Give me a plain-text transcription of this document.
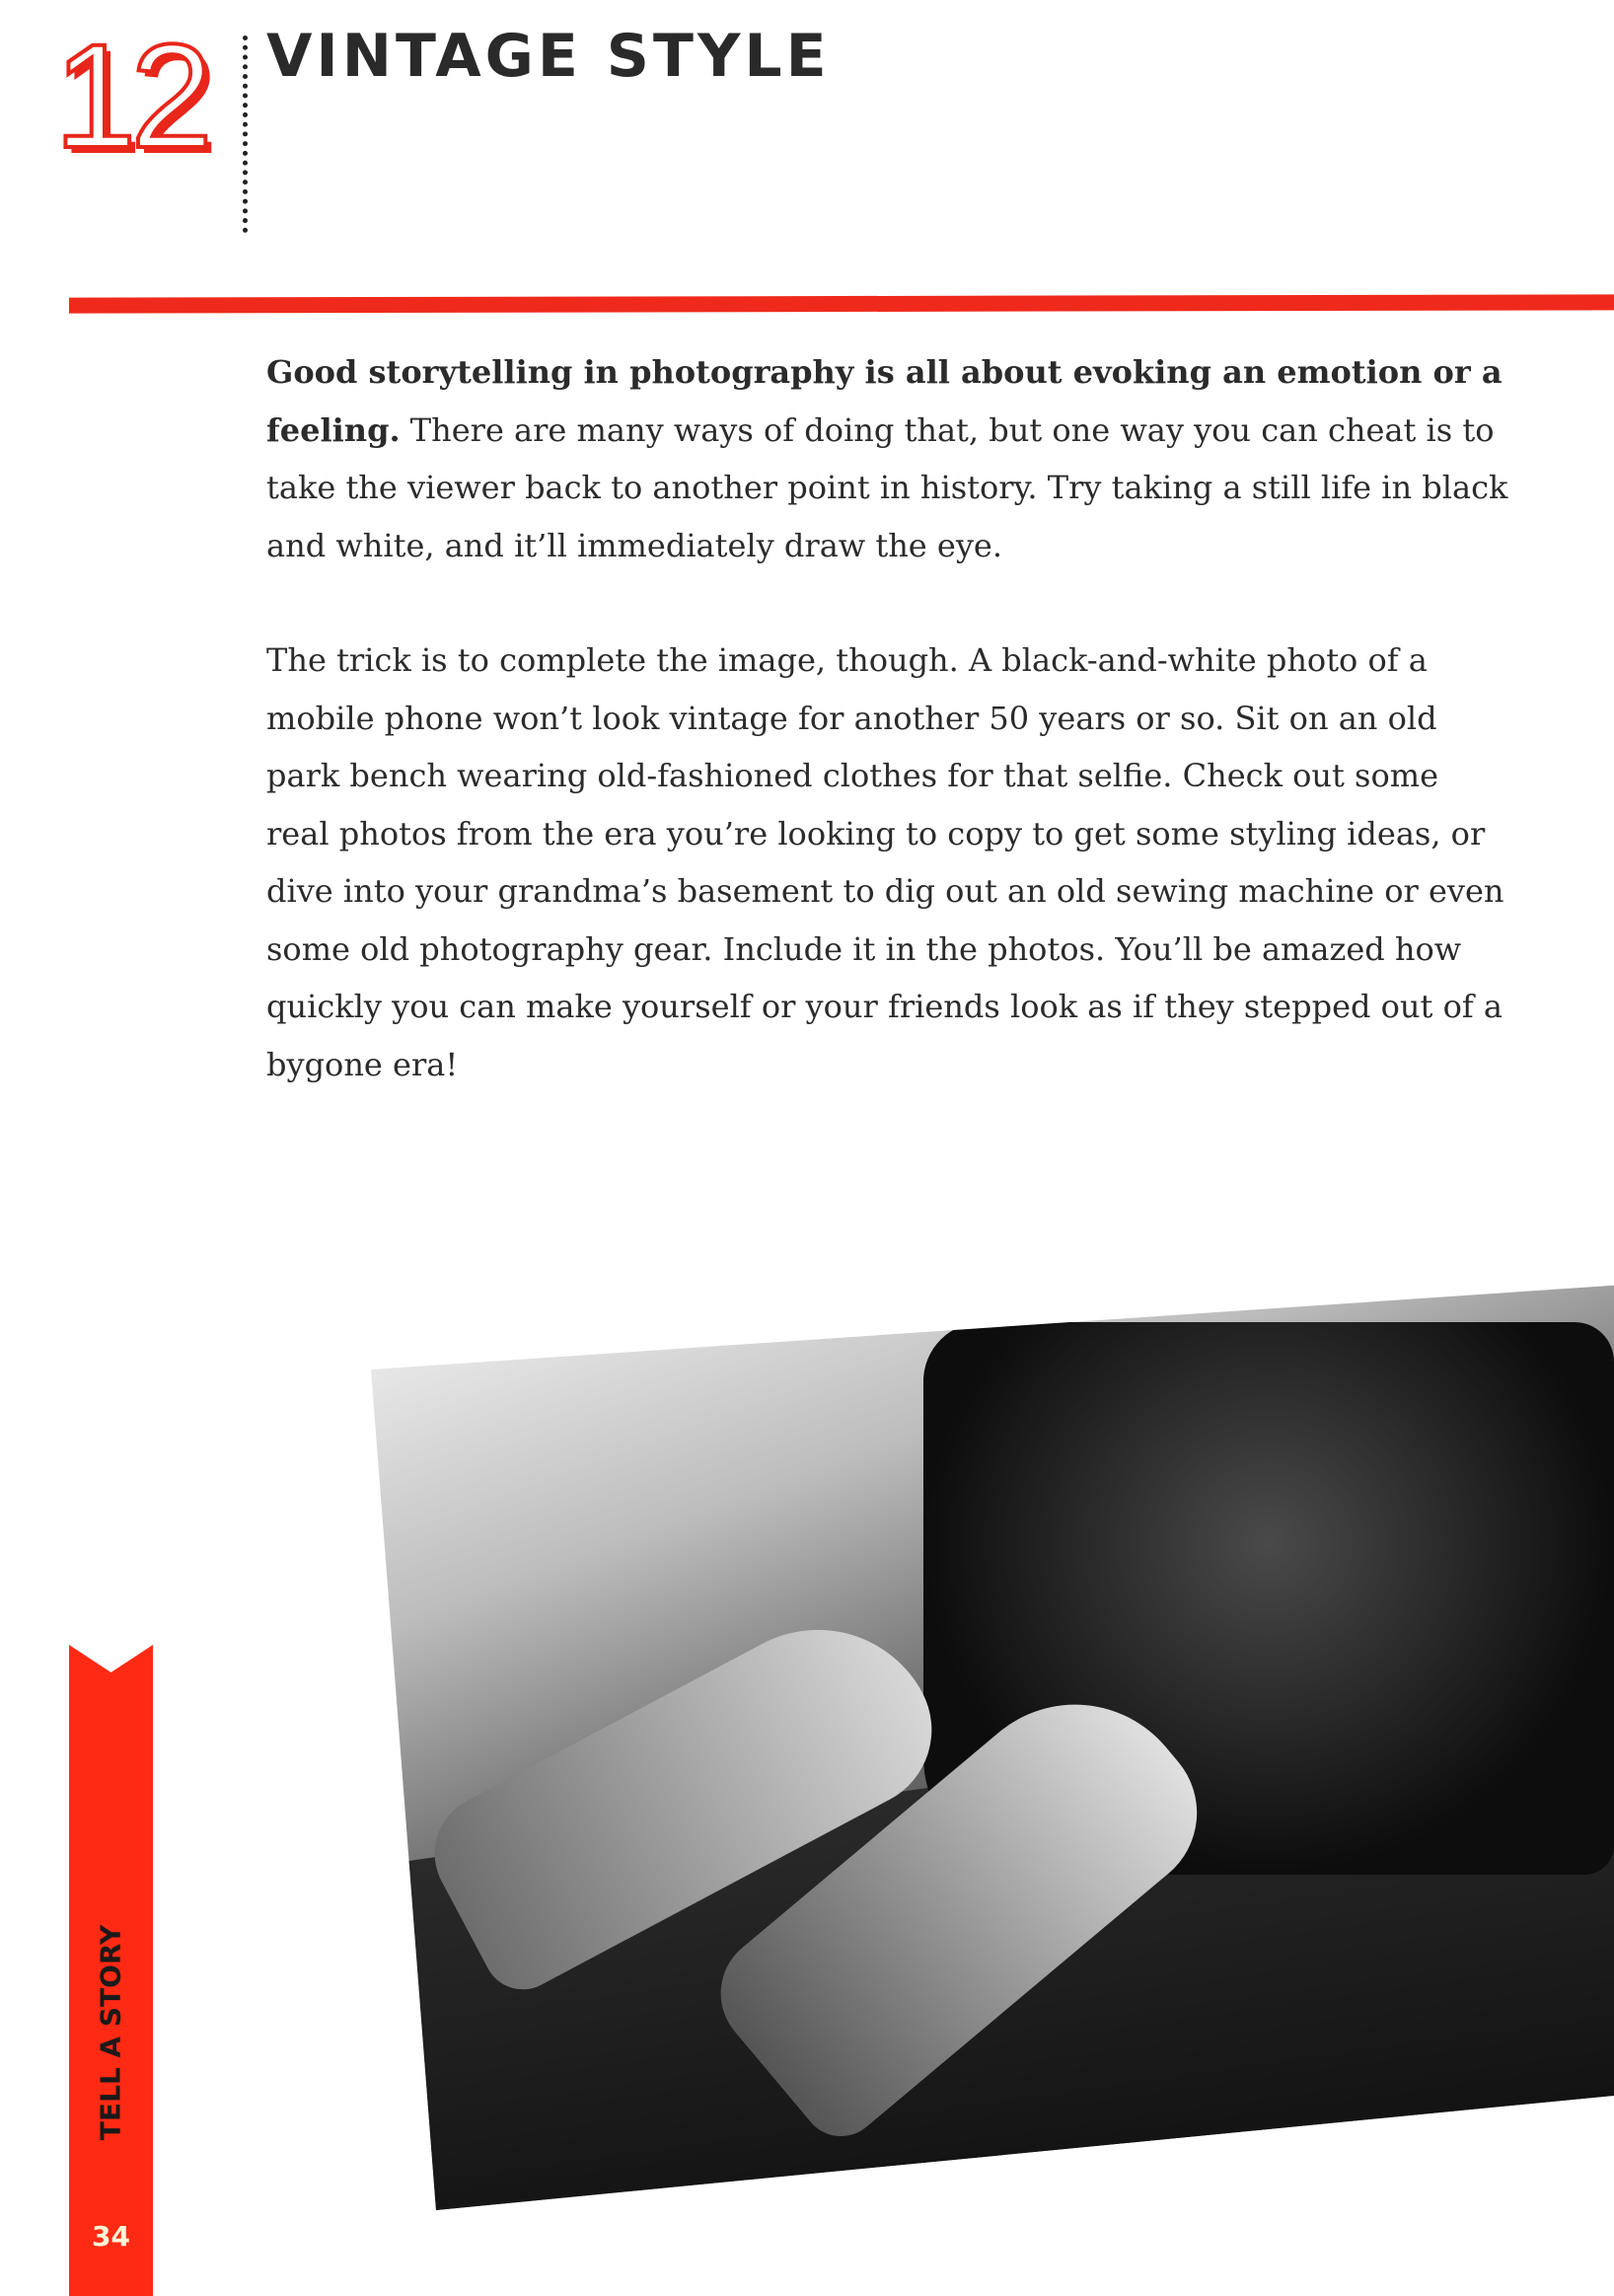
12 VINTAGE STYLE

Good storytelling in photography is all about evoking an emotion or a feeling. There are many ways of doing that, but one way you can cheat is to take the viewer back to another point in history. Try taking a still life in black and white, and it’ll immediately draw the eye.

The trick is to complete the image, though. A black-and-white photo of a mobile phone won’t look vintage for another 50 years or so. Sit on an old park bench wearing old-fashioned clothes for that selfie. Check out some real photos from the era you’re looking to copy to get some styling ideas, or dive into your grandma’s basement to dig out an old sewing machine or even some old photography gear. Include it in the photos. You’ll be amazed how quickly you can make yourself or your friends look as if they stepped out of a bygone era!

TELL A STORY
34
